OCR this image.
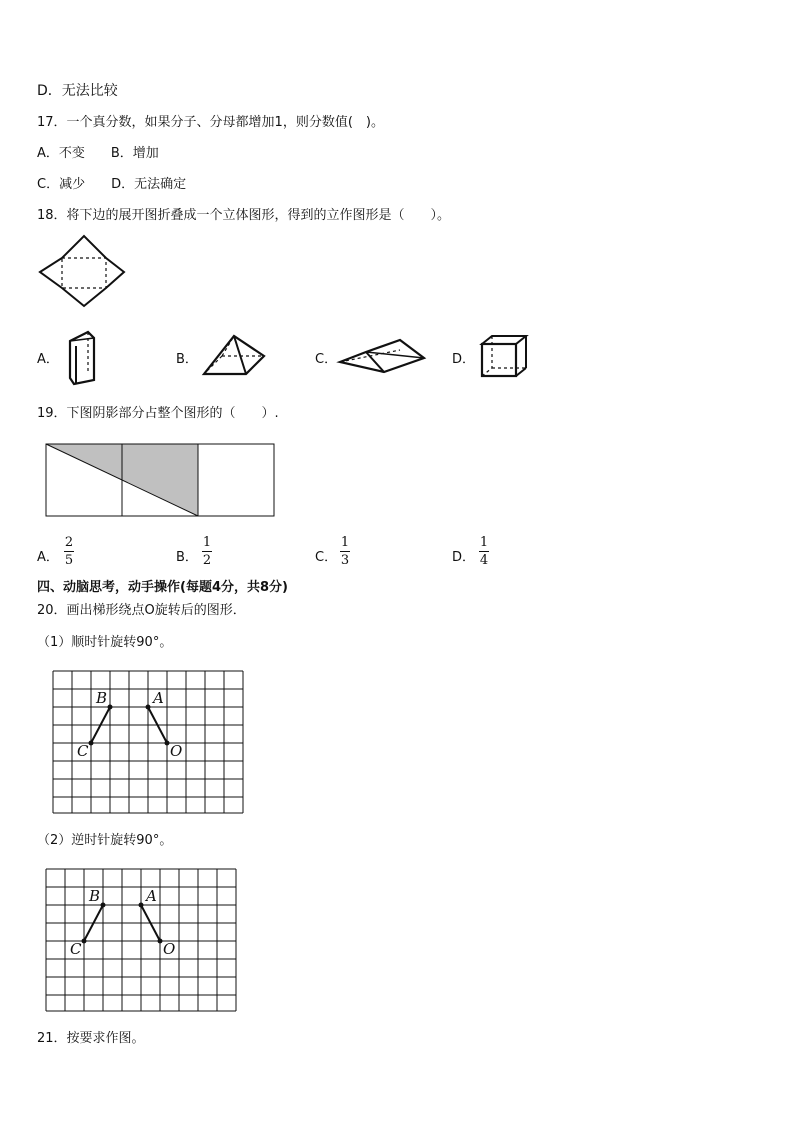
D．无法比较
17．一个真分数，如果分子、分母都增加1，则分数值(　)。
A．不变　　B．增加
C．减少　　D．无法确定
18．将下边的展开图折叠成一个立体图形，得到的立作图形是（　　）。
A．	B．	C．	D．
19．下图阴影部分占整个图形的（　　）.
A．
2
5	B．
1
2	C．
1
3	D．
1
4
四、动脑思考，动手操作(每题4分，共8分)
20．画出梯形绕点O旋转后的图形．
（1）顺时针旋转90°。
B	A
C	O
（2）逆时针旋转90°。
B	A
C	O
21．按要求作图。
